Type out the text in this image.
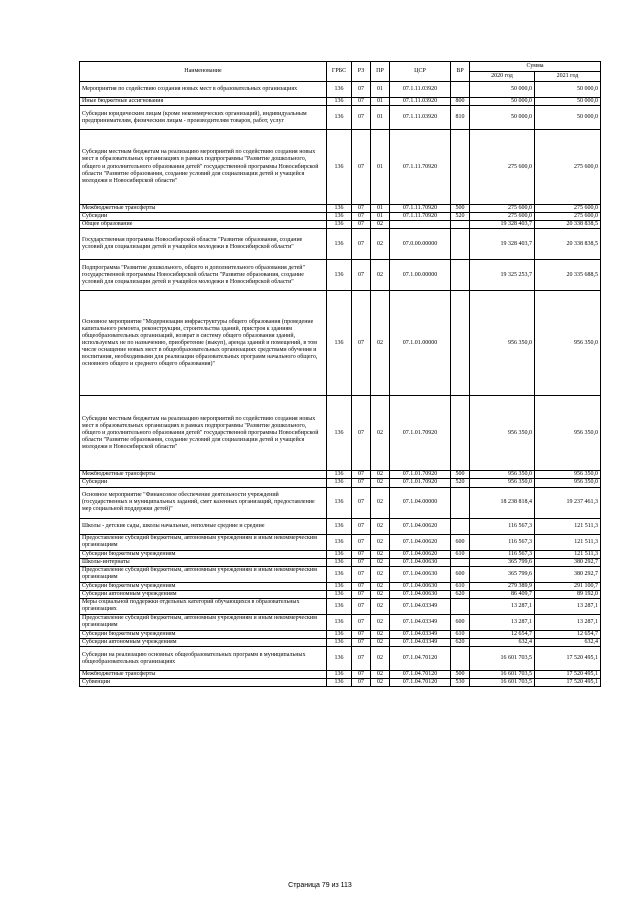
Наименование	ГРБС	РЗ	ПР	ЦСР	ВР	Сумма	
						2020 год	2021 год
Мероприятия по содействию создания новых мест в образовательных организациях	136	07	01	07.1.11.03920		50 000,0	50 000,0
Иные бюджетные ассигнования	136	07	01	07.1.11.03920	800	50 000,0	50 000,0
Субсидии юридическим лицам (кроме некоммерческих организаций), индивидуальным предпринимателям, физическим лицам - производителям товаров, работ, услуг	136	07	01	07.1.11.03920	810	50 000,0	50 000,0
Субсидии местным бюджетам на реализацию мероприятий по содействию создания новых мест в образовательных организациях в рамках подпрограммы "Развитие дошкольного, общего и дополнительного образования детей" государственной программы Новосибирской области "Развитие образования, создание условий для социализации детей и учащейся молодежи в Новосибирской области"	136	07	01	07.1.11.70920		275 600,0	275 600,0
Межбюджетные трансферты	136	07	01	07.1.11.70920	500	275 600,0	275 600,0
Субсидии	136	07	01	07.1.11.70920	520	275 600,0	275 600,0
Общее образование	136	07	02			19 328 403,7	20 338 838,5
Государственная программа Новосибирской области "Развитие образования, создание условий для социализации детей и учащейся молодежи в Новосибирской области"	136	07	02	07.0.00.00000		19 328 403,7	20 338 838,5
Подпрограмма "Развитие дошкольного, общего и дополнительного образования детей" государственной программы Новосибирской области "Развитие образования, создание условий для социализации детей и учащейся молодежи в Новосибирской области"	136	07	02	07.1.00.00000		19 325 253,7	20 335 688,5
Основное мероприятие "Модернизация инфраструктуры общего образования (проведение капитального ремонта, реконструкции, строительства зданий, пристроя к зданиям общеобразовательных организаций, возврат в систему общего образования зданий, используемых не по назначению, приобретение (выкуп), аренда зданий и помещений, в том числе оснащение новых мест в общеобразовательных организациях средствами обучения и воспитания, необходимыми для реализации образовательных программ начального общего, основного общего и среднего общего образования)"	136	07	02	07.1.01.00000		956 350,0	956 350,0
Субсидии местным бюджетам на реализацию мероприятий по содействию создания новых мест в образовательных организациях в рамках подпрограммы "Развитие дошкольного, общего и дополнительного образования детей" государственной программы Новосибирской области "Развитие образования, создание условий для социализации детей и учащейся молодежи в Новосибирской области"	136	07	02	07.1.01.70920		956 350,0	956 350,0
Межбюджетные трансферты	136	07	02	07.1.01.70920	500	956 350,0	956 350,0
Субсидии	136	07	02	07.1.01.70920	520	956 350,0	956 350,0
Основное мероприятие "Финансовое обеспечение деятельности учреждений (государственных и муниципальных заданий, смет казенных организаций, предоставление мер социальной поддержки детей)"	136	07	02	07.1.04.00000		18 238 818,4	19 237 461,3
Школы - детские сады, школы начальные, неполные средние и средние	136	07	02	07.1.04.00620		116 567,3	121 511,3
Предоставление субсидий бюджетным, автономным учреждениям и иным некоммерческим организациям	136	07	02	07.1.04.00620	600	116 567,3	121 511,3
Субсидии бюджетным учреждениям	136	07	02	07.1.04.00620	610	116 567,3	121 511,3
Школы-интернаты	136	07	02	07.1.04.00630		365 799,6	380 292,7
Предоставление субсидий бюджетным, автономным учреждениям и иным некоммерческим организациям	136	07	02	07.1.04.00630	600	365 799,6	380 292,7
Субсидии бюджетным учреждениям	136	07	02	07.1.04.00630	610	279 389,9	291 100,7
Субсидии автономным учреждениям	136	07	02	07.1.04.00630	620	86 409,7	89 192,0
Меры социальной поддержки отдельных категорий обучающихся в образовательных организациях	136	07	02	07.1.04.03349		13 287,1	13 287,1
Предоставление субсидий бюджетным, автономным учреждениям и иным некоммерческим организациям	136	07	02	07.1.04.03349	600	13 287,1	13 287,1
Субсидии бюджетным учреждениям	136	07	02	07.1.04.03349	610	12 654,7	12 654,7
Субсидии автономным учреждениям	136	07	02	07.1.04.03349	620	632,4	632,4
Субсидии на реализацию основных общеобразовательных программ в муниципальных общеобразовательных организациях	136	07	02	07.1.04.70120		16 601 703,5	17 520 495,1
Межбюджетные трансферты	136	07	02	07.1.04.70120	500	16 601 703,5	17 520 495,1
Субвенции	136	07	02	07.1.04.70120	530	16 601 703,5	17 520 495,1
Страница 79 из 113
